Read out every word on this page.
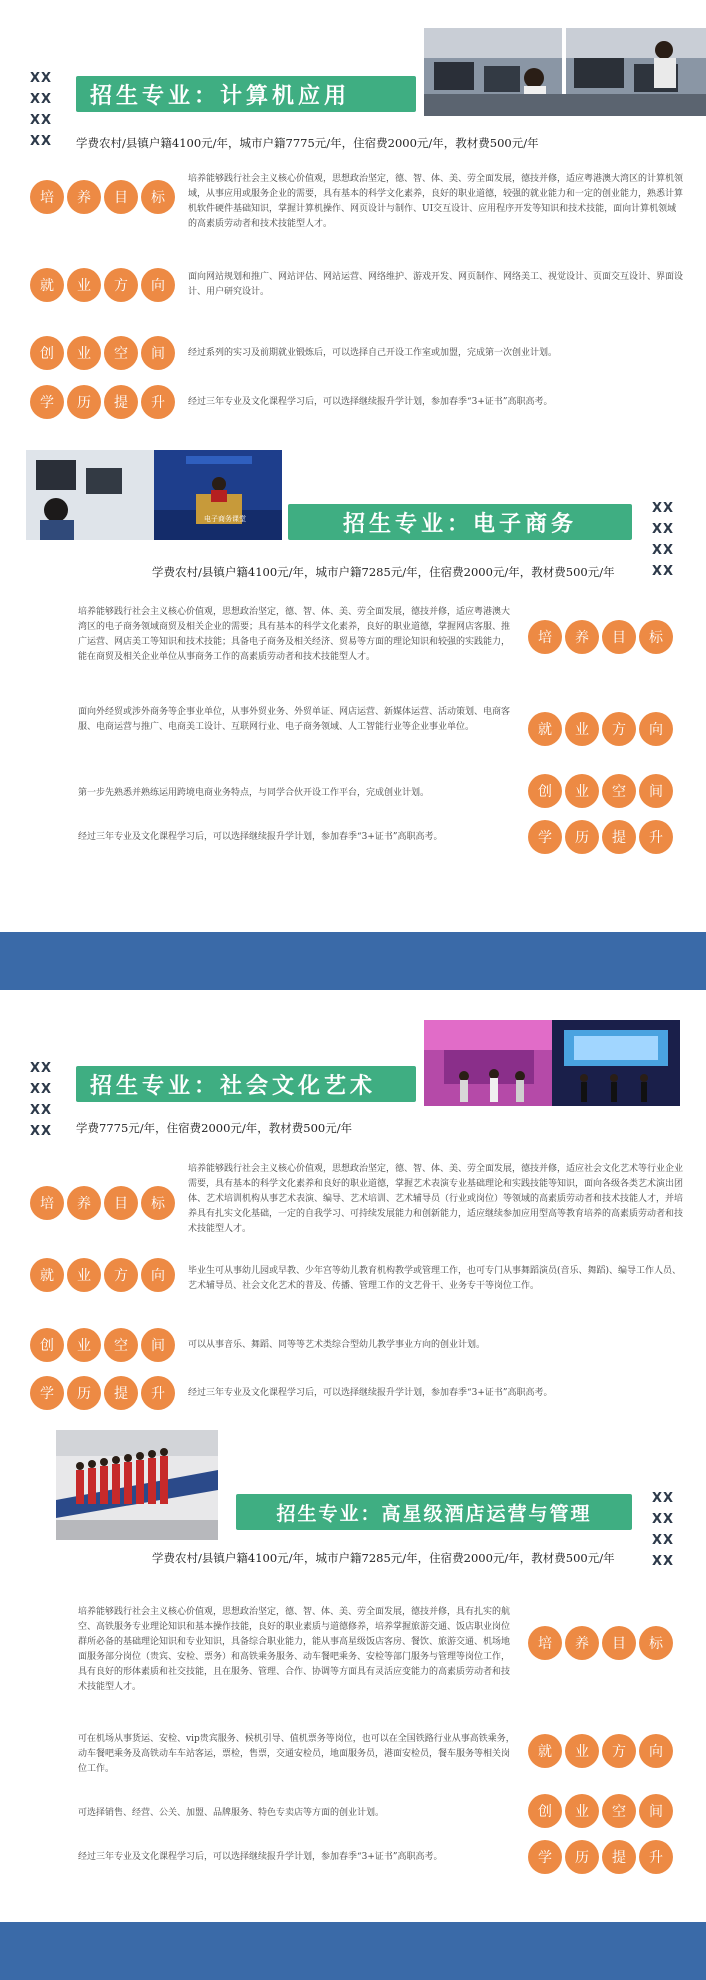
XX
XX
XX
XX
招生专业：计算机应用
学费农村/县镇户籍4100元/年，城市户籍7775元/年，住宿费2000元/年，教材费500元/年
培	养	目	标
培养能够践行社会主义核心价值观，思想政治坚定，德、智、体、美、劳全面发展，德技并修，适应粤港澳大湾区的计算机领域，从事应用或服务企业的需要，具有基本的科学文化素养，良好的职业道德，较强的就业能力和一定的创业能力，熟悉计算机软件硬件基础知识，掌握计算机操作、网页设计与制作、UI交互设计、应用程序开发等知识和技术技能，面向计算机领域的高素质劳动者和技术技能型人才。
就	业	方	向
面向网站规划和推广、网站评估、网站运营、网络维护、游戏开发、网页制作、网络美工、视觉设计、页面交互设计、界面设计、用户研究设计。
创	业	空	间	经过系列的实习及前期就业锻炼后，可以选择自己开设工作室或加盟，完成第一次创业计划。
学	历	提	升	经过三年专业及文化课程学习后，可以选择继续报升学计划，参加春季“3+证书”高职高考。
电子商务课堂	招生专业：电子商务
XX
XX
XX
XX
学费农村/县镇户籍4100元/年，城市户籍7285元/年，住宿费2000元/年，教材费500元/年
培养能够践行社会主义核心价值观，思想政治坚定，德、智、体、美、劳全面发展，德技并修，适应粤港澳大湾区的电子商务领域商贸及相关企业的需要；具有基本的科学文化素养，良好的职业道德，掌握网店客服、推广运营、网店美工等知识和技术技能；具备电子商务及相关经济、贸易等方面的理论知识和较强的实践能力，能在商贸及相关企业单位从事商务工作的高素质劳动者和技术技能型人才。
培	养	目	标
面向外经贸或涉外商务等企事业单位，从事外贸业务、外贸单证、网店运营、新媒体运营、活动策划、电商客服、电商运营与推广、电商美工设计、互联网行业、电子商务领域、人工智能行业等企业事业单位。	就	业	方	向
第一步先熟悉并熟练运用跨境电商业务特点，与同学合伙开设工作平台，完成创业计划。	创	业	空	间
经过三年专业及文化课程学习后，可以选择继续报升学计划，参加春季“3+证书”高职高考。	学	历	提	升
XX
XX
XX
XX
招生专业：社会文化艺术
学费7775元/年，住宿费2000元/年，教材费500元/年
培	养	目	标
培养能够践行社会主义核心价值观，思想政治坚定，德、智、体、美、劳全面发展，德技并修，适应社会文化艺术等行业企业需要，具有基本的科学文化素养和良好的职业道德，掌握艺术表演专业基础理论和实践技能等知识，面向各级各类艺术演出团体、艺术培训机构从事艺术表演、编导、艺术培训、艺术辅导员（行业或岗位）等领域的高素质劳动者和技术技能人才，并培养具有扎实文化基础，一定的自我学习、可持续发展能力和创新能力，适应继续参加应用型高等教育培养的高素质劳动者和技术技能型人才。
就	业	方	向	毕业生可从事幼儿园或早教、少年宫等幼儿教育机构教学或管理工作，也可专门从事舞蹈演员(音乐、舞蹈)、编导工作人员、艺术辅导员、社会文化艺术的普及、传播、管理工作的文艺骨干、业务专干等岗位工作。
创	业	空	间	可以从事音乐、舞蹈、同等等艺术类综合型幼儿教学事业方向的创业计划。
学	历	提	升	经过三年专业及文化课程学习后，可以选择继续报升学计划，参加春季“3+证书”高职高考。
招生专业：高星级酒店运营与管理
XX
XX
XX
XX
学费农村/县镇户籍4100元/年，城市户籍7285元/年，住宿费2000元/年，教材费500元/年
培养能够践行社会主义核心价值观，思想政治坚定，德、智、体、美、劳全面发展，德技并修，具有扎实的航空、高铁服务专业理论知识和基本操作技能，良好的职业素质与道德修养，培养掌握旅游交通、饭店职业岗位群所必备的基础理论知识和专业知识，具备综合职业能力，能从事高星级饭店客房、餐饮、旅游交通、机场地面服务部分岗位（贵宾、安检、票务）和高铁乘务服务、动车餐吧乘务、安检等部门服务与管理等岗位工作，具有良好的形体素质和社交技能，且在服务、管理、合作、协调等方面具有灵活应变能力的高素质劳动者和技术技能型人才。
培	养	目	标
可在机场从事货运、安检、vip贵宾服务、候机引导、值机票务等岗位，也可以在全国铁路行业从事高铁乘务，动车餐吧乘务及高铁动车车站客运，票检，售票，交通安检员，地面服务员，港面安检员，餐车服务等相关岗位工作。
就	业	方	向
可选择销售、经营、公关、加盟、品牌服务、特色专卖店等方面的创业计划。	创	业	空	间
经过三年专业及文化课程学习后，可以选择继续报升学计划，参加春季“3+证书”高职高考。	学	历	提	升
